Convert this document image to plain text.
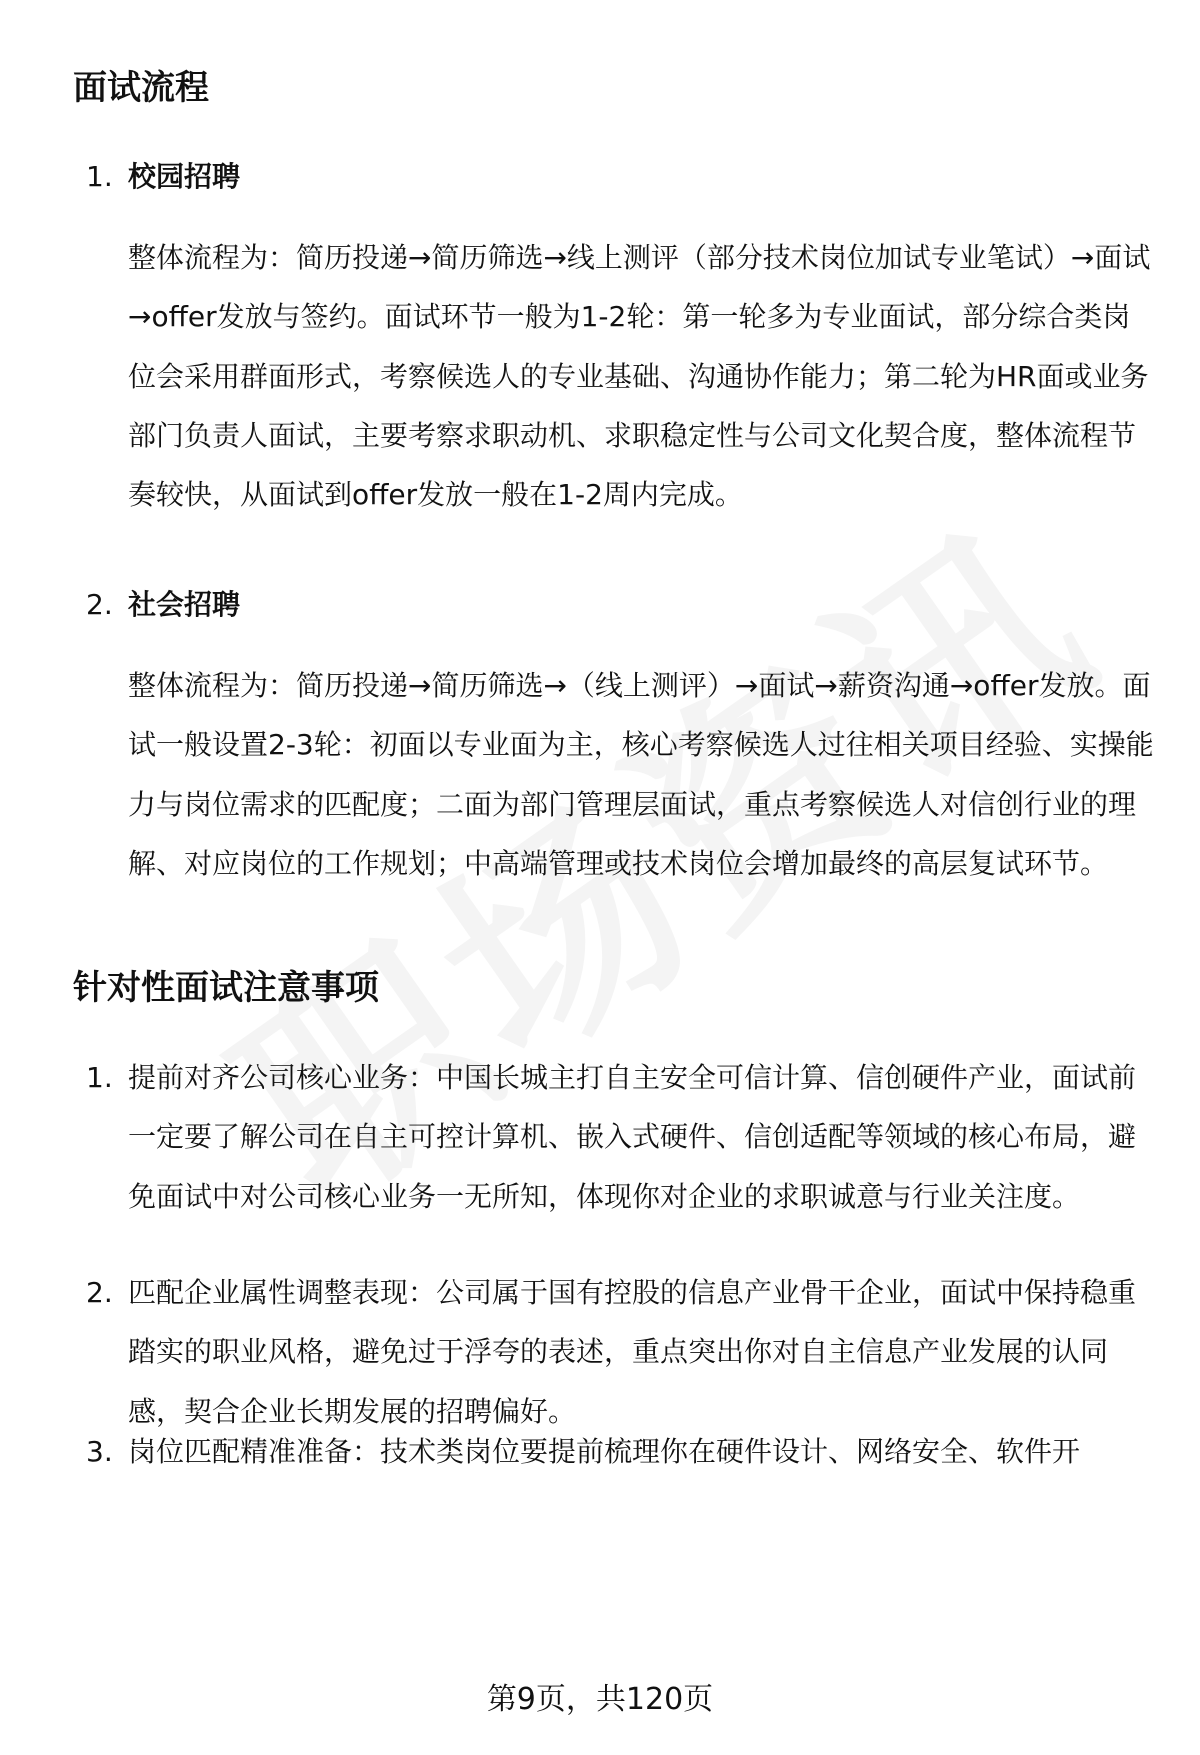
面试流程
1. 校园招聘

整体流程为：简历投递→简历筛选→线上测评（部分技术岗位加试专业笔试）→面试→offer发放与签约。面试环节一般为1-2轮：第一轮多为专业面试，部分综合类岗位会采用群面形式，考察候选人的专业基础、沟通协作能力；第二轮为HR面或业务部门负责人面试，主要考察求职动机、求职稳定性与公司文化契合度，整体流程节奏较快，从面试到offer发放一般在1-2周内完成。

2. 社会招聘

整体流程为：简历投递→简历筛选→（线上测评）→面试→薪资沟通→offer发放。面试一般设置2-3轮：初面以专业面为主，核心考察候选人过往相关项目经验、实操能力与岗位需求的匹配度；二面为部门管理层面试，重点考察候选人对信创行业的理解、对应岗位的工作规划；中高端管理或技术岗位会增加最终的高层复试环节。

针对性面试注意事项
1. 提前对齐公司核心业务：中国长城主打自主安全可信计算、信创硬件产业，面试前一定要了解公司在自主可控计算机、嵌入式硬件、信创适配等领域的核心布局，避免面试中对公司核心业务一无所知，体现你对企业的求职诚意与行业关注度。

2. 匹配企业属性调整表现：公司属于国有控股的信息产业骨干企业，面试中保持稳重踏实的职业风格，避免过于浮夸的表述，重点突出你对自主信息产业发展的认同感，契合企业长期发展的招聘偏好。

3. 岗位匹配精准准备：技术类岗位要提前梳理你在硬件设计、网络安全、软件开

第9页，共120页
